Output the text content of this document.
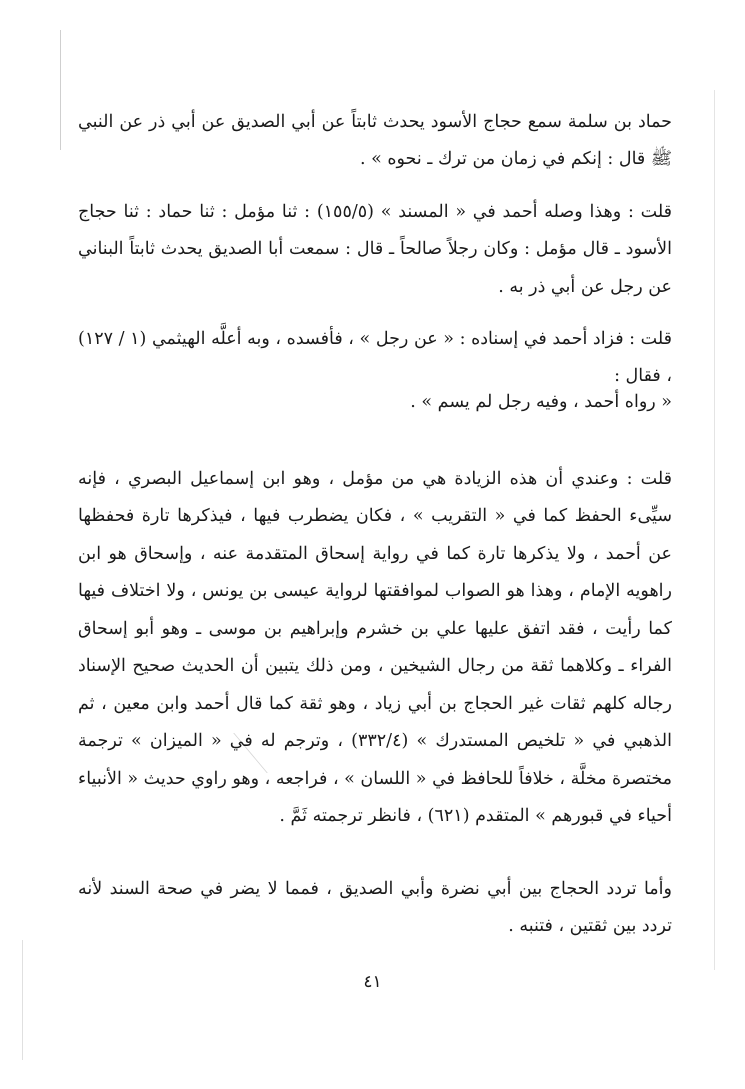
حماد بن سلمة سمع حجاج الأسود يحدث ثابتاً عن أبي الصديق عن أبي ذر عن النبي ﷺ قال : إنكم في زمان من ترك ـ نحوه » .

قلت : وهذا وصله أحمد في « المسند » (١٥٥/٥) : ثنا مؤمل : ثنا حماد : ثنا حجاج الأسود ـ قال مؤمل : وكان رجلاً صالحاً ـ قال : سمعت أبا الصديق يحدث ثابتاً البناني عن رجل عن أبي ذر به .

قلت : فزاد أحمد في إسناده : « عن رجل » ، فأفسده ، وبه أعلَّه الهيثمي (١ / ١٢٧) ، فقال :

« رواه أحمد ، وفيه رجل لم يسم » .

قلت : وعندي أن هذه الزيادة هي من مؤمل ، وهو ابن إسماعيل البصري ، فإنه سيِّىء الحفظ كما في « التقريب » ، فكان يضطرب فيها ، فيذكرها تارة فحفظها عن أحمد ، ولا يذكرها تارة كما في رواية إسحاق المتقدمة عنه ، وإسحاق هو ابن راهويه الإمام ، وهذا هو الصواب لموافقتها لرواية عيسى بن يونس ، ولا اختلاف فيها كما رأيت ، فقد اتفق عليها علي بن خشرم وإبراهيم بن موسى ـ وهو أبو إسحاق الفراء ـ وكلاهما ثقة من رجال الشيخين ، ومن ذلك يتبين أن الحديث صحيح الإسناد رجاله كلهم ثقات غير الحجاج بن أبي زياد ، وهو ثقة كما قال أحمد وابن معين ، ثم الذهبي في « تلخيص المستدرك » (٣٣٢/٤) ، وترجم له في « الميزان » ترجمة مختصرة مخلَّة ، خلافاً للحافظ في « اللسان » ، فراجعه ، وهو راوي حديث « الأنبياء أحياء في قبورهم » المتقدم (٦٢١) ، فانظر ترجمته ثَمَّ .

وأما تردد الحجاج بين أبي نضرة وأبي الصديق ، فمما لا يضر في صحة السند لأنه تردد بين ثقتين ، فتنبه .

٤١
